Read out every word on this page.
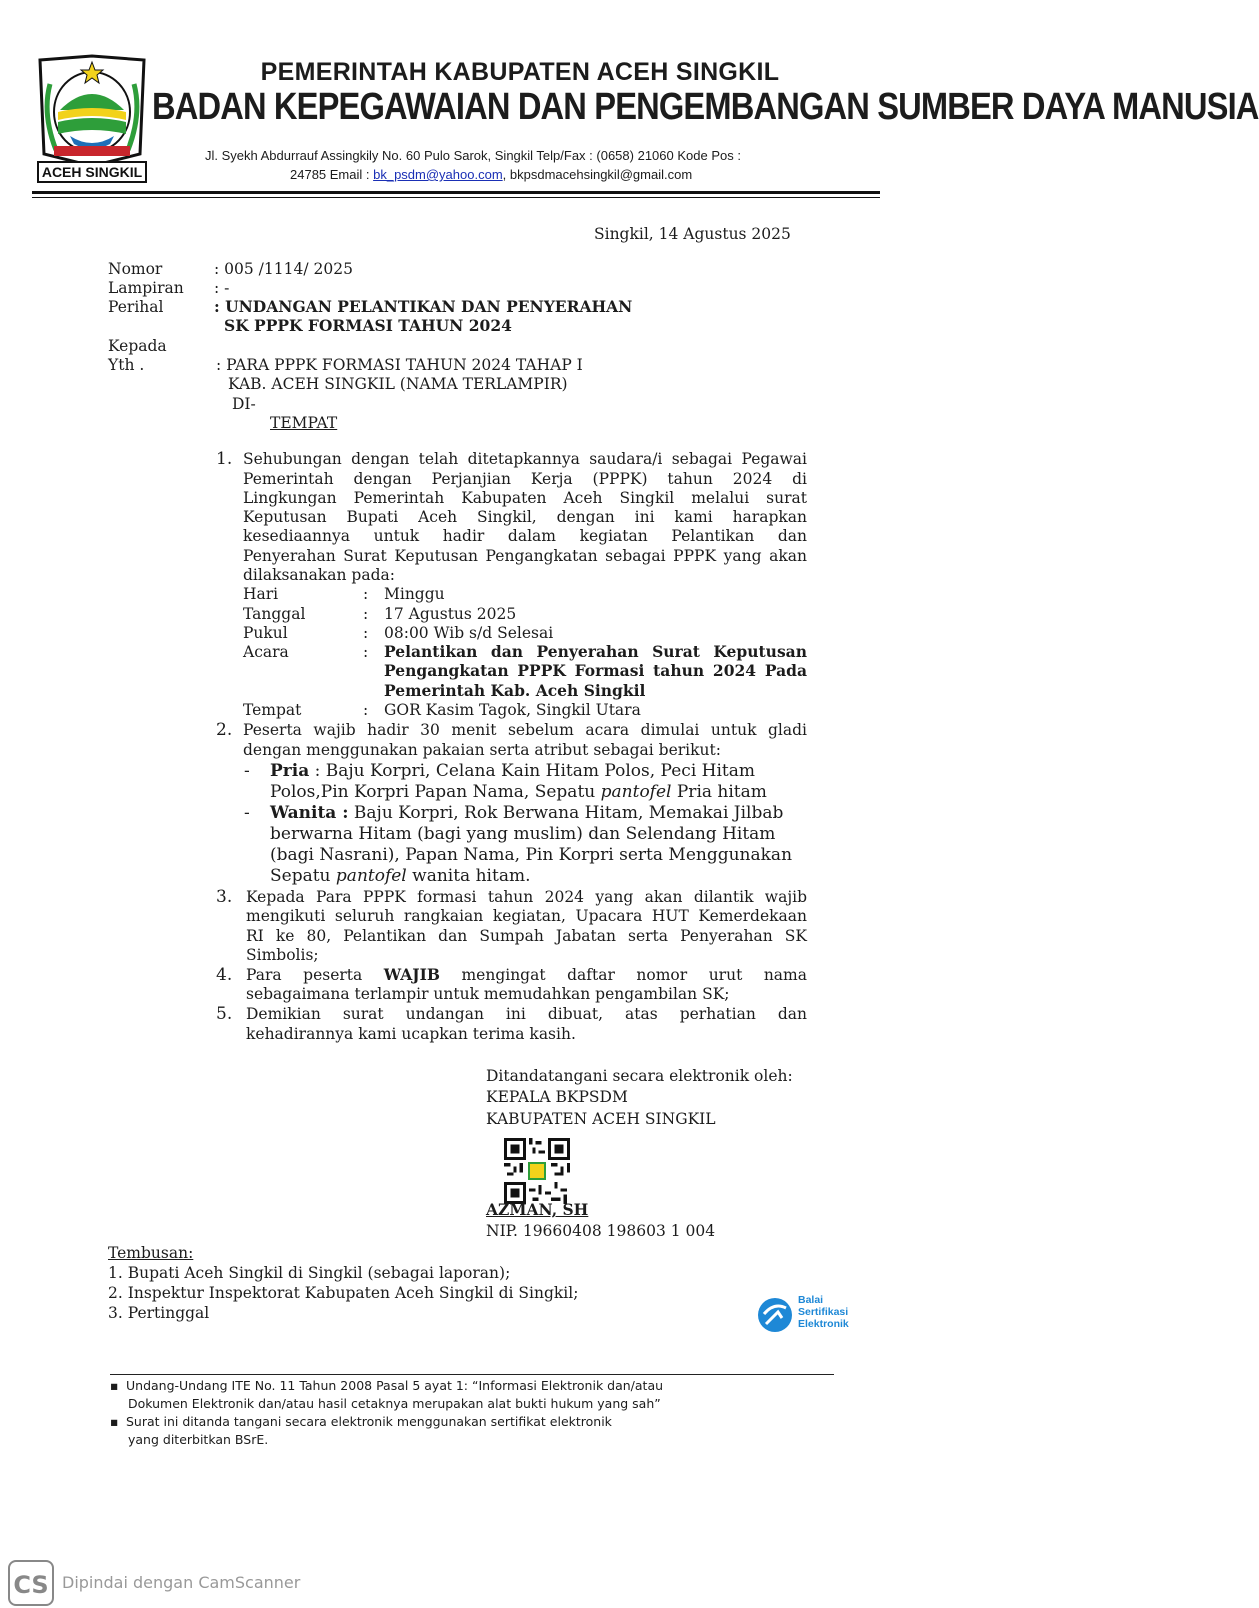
ACEH SINGKIL
PEMERINTAH KABUPATEN ACEH SINGKIL
BADAN KEPEGAWAIAN DAN PENGEMBANGAN SUMBER DAYA MANUSIA
Jl. Syekh Abdurrauf Assingkily No. 60 Pulo Sarok, Singkil Telp/Fax : (0658) 21060 Kode Pos :
24785 Email : bk_psdm@yahoo.com, bkpsdmacehsingkil@gmail.com
Singkil, 14 Agustus 2025
Nomor	: 005 /1114/ 2025
Lampiran : -
Perihal	: UNDANGAN PELANTIKAN DAN PENYERAHAN
SK PPPK FORMASI TAHUN 2024
Kepada
Yth .	: PARA PPPK FORMASI TAHUN 2024 TAHAP I
KAB. ACEH SINGKIL (NAMA TERLAMPIR)
DI-
TEMPAT
1. Sehubungan dengan telah ditetapkannya saudara/i sebagai Pegawai
Pemerintah dengan Perjanjian Kerja (PPPK) tahun 2024 di
Lingkungan Pemerintah Kabupaten Aceh Singkil melalui surat
Keputusan Bupati Aceh Singkil, dengan ini kami harapkan
kesediaannya untuk hadir dalam kegiatan Pelantikan dan
Penyerahan Surat Keputusan Pengangkatan sebagai PPPK yang akan
dilaksanakan pada:
Hari	: Minggu
Tanggal	: 17 Agustus 2025
Pukul	: 08:00 Wib s/d Selesai
Acara	: Pelantikan dan Penyerahan Surat Keputusan
Pengangkatan PPPK Formasi tahun 2024 Pada
Pemerintah Kab. Aceh Singkil
Tempat	: GOR Kasim Tagok, Singkil Utara
2. Peserta wajib hadir 30 menit sebelum acara dimulai untuk gladi
dengan menggunakan pakaian serta atribut sebagai berikut:
- Pria : Baju Korpri, Celana Kain Hitam Polos, Peci Hitam
Polos,Pin Korpri Papan Nama, Sepatu pantofel Pria hitam
- Wanita : Baju Korpri, Rok Berwana Hitam, Memakai Jilbab
berwarna Hitam (bagi yang muslim) dan Selendang Hitam
(bagi Nasrani), Papan Nama, Pin Korpri serta Menggunakan
Sepatu pantofel wanita hitam.
3. Kepada Para PPPK formasi tahun 2024 yang akan dilantik wajib
mengikuti seluruh rangkaian kegiatan, Upacara HUT Kemerdekaan
RI ke 80, Pelantikan dan Sumpah Jabatan serta Penyerahan SK
Simbolis;
4. Para peserta WAJIB mengingat daftar nomor urut nama
sebagaimana terlampir untuk memudahkan pengambilan SK;
5. Demikian surat undangan ini dibuat, atas perhatian dan
kehadirannya kami ucapkan terima kasih.
Ditandatangani secara elektronik oleh:
KEPALA BKPSDM
KABUPATEN ACEH SINGKIL
AZMAN, SH
NIP. 19660408 198603 1 004
Tembusan:
1. Bupati Aceh Singkil di Singkil (sebagai laporan);
2. Inspektur Inspektorat Kabupaten Aceh Singkil di Singkil;
3. Pertinggal
Balai
Sertifikasi
Elektronik
▪ Undang-Undang ITE No. 11 Tahun 2008 Pasal 5 ayat 1: “Informasi Elektronik dan/atau
Dokumen Elektronik dan/atau hasil cetaknya merupakan alat bukti hukum yang sah”
▪ Surat ini ditanda tangani secara elektronik menggunakan sertifikat elektronik
yang diterbitkan BSrE.
CS Dipindai dengan CamScanner
